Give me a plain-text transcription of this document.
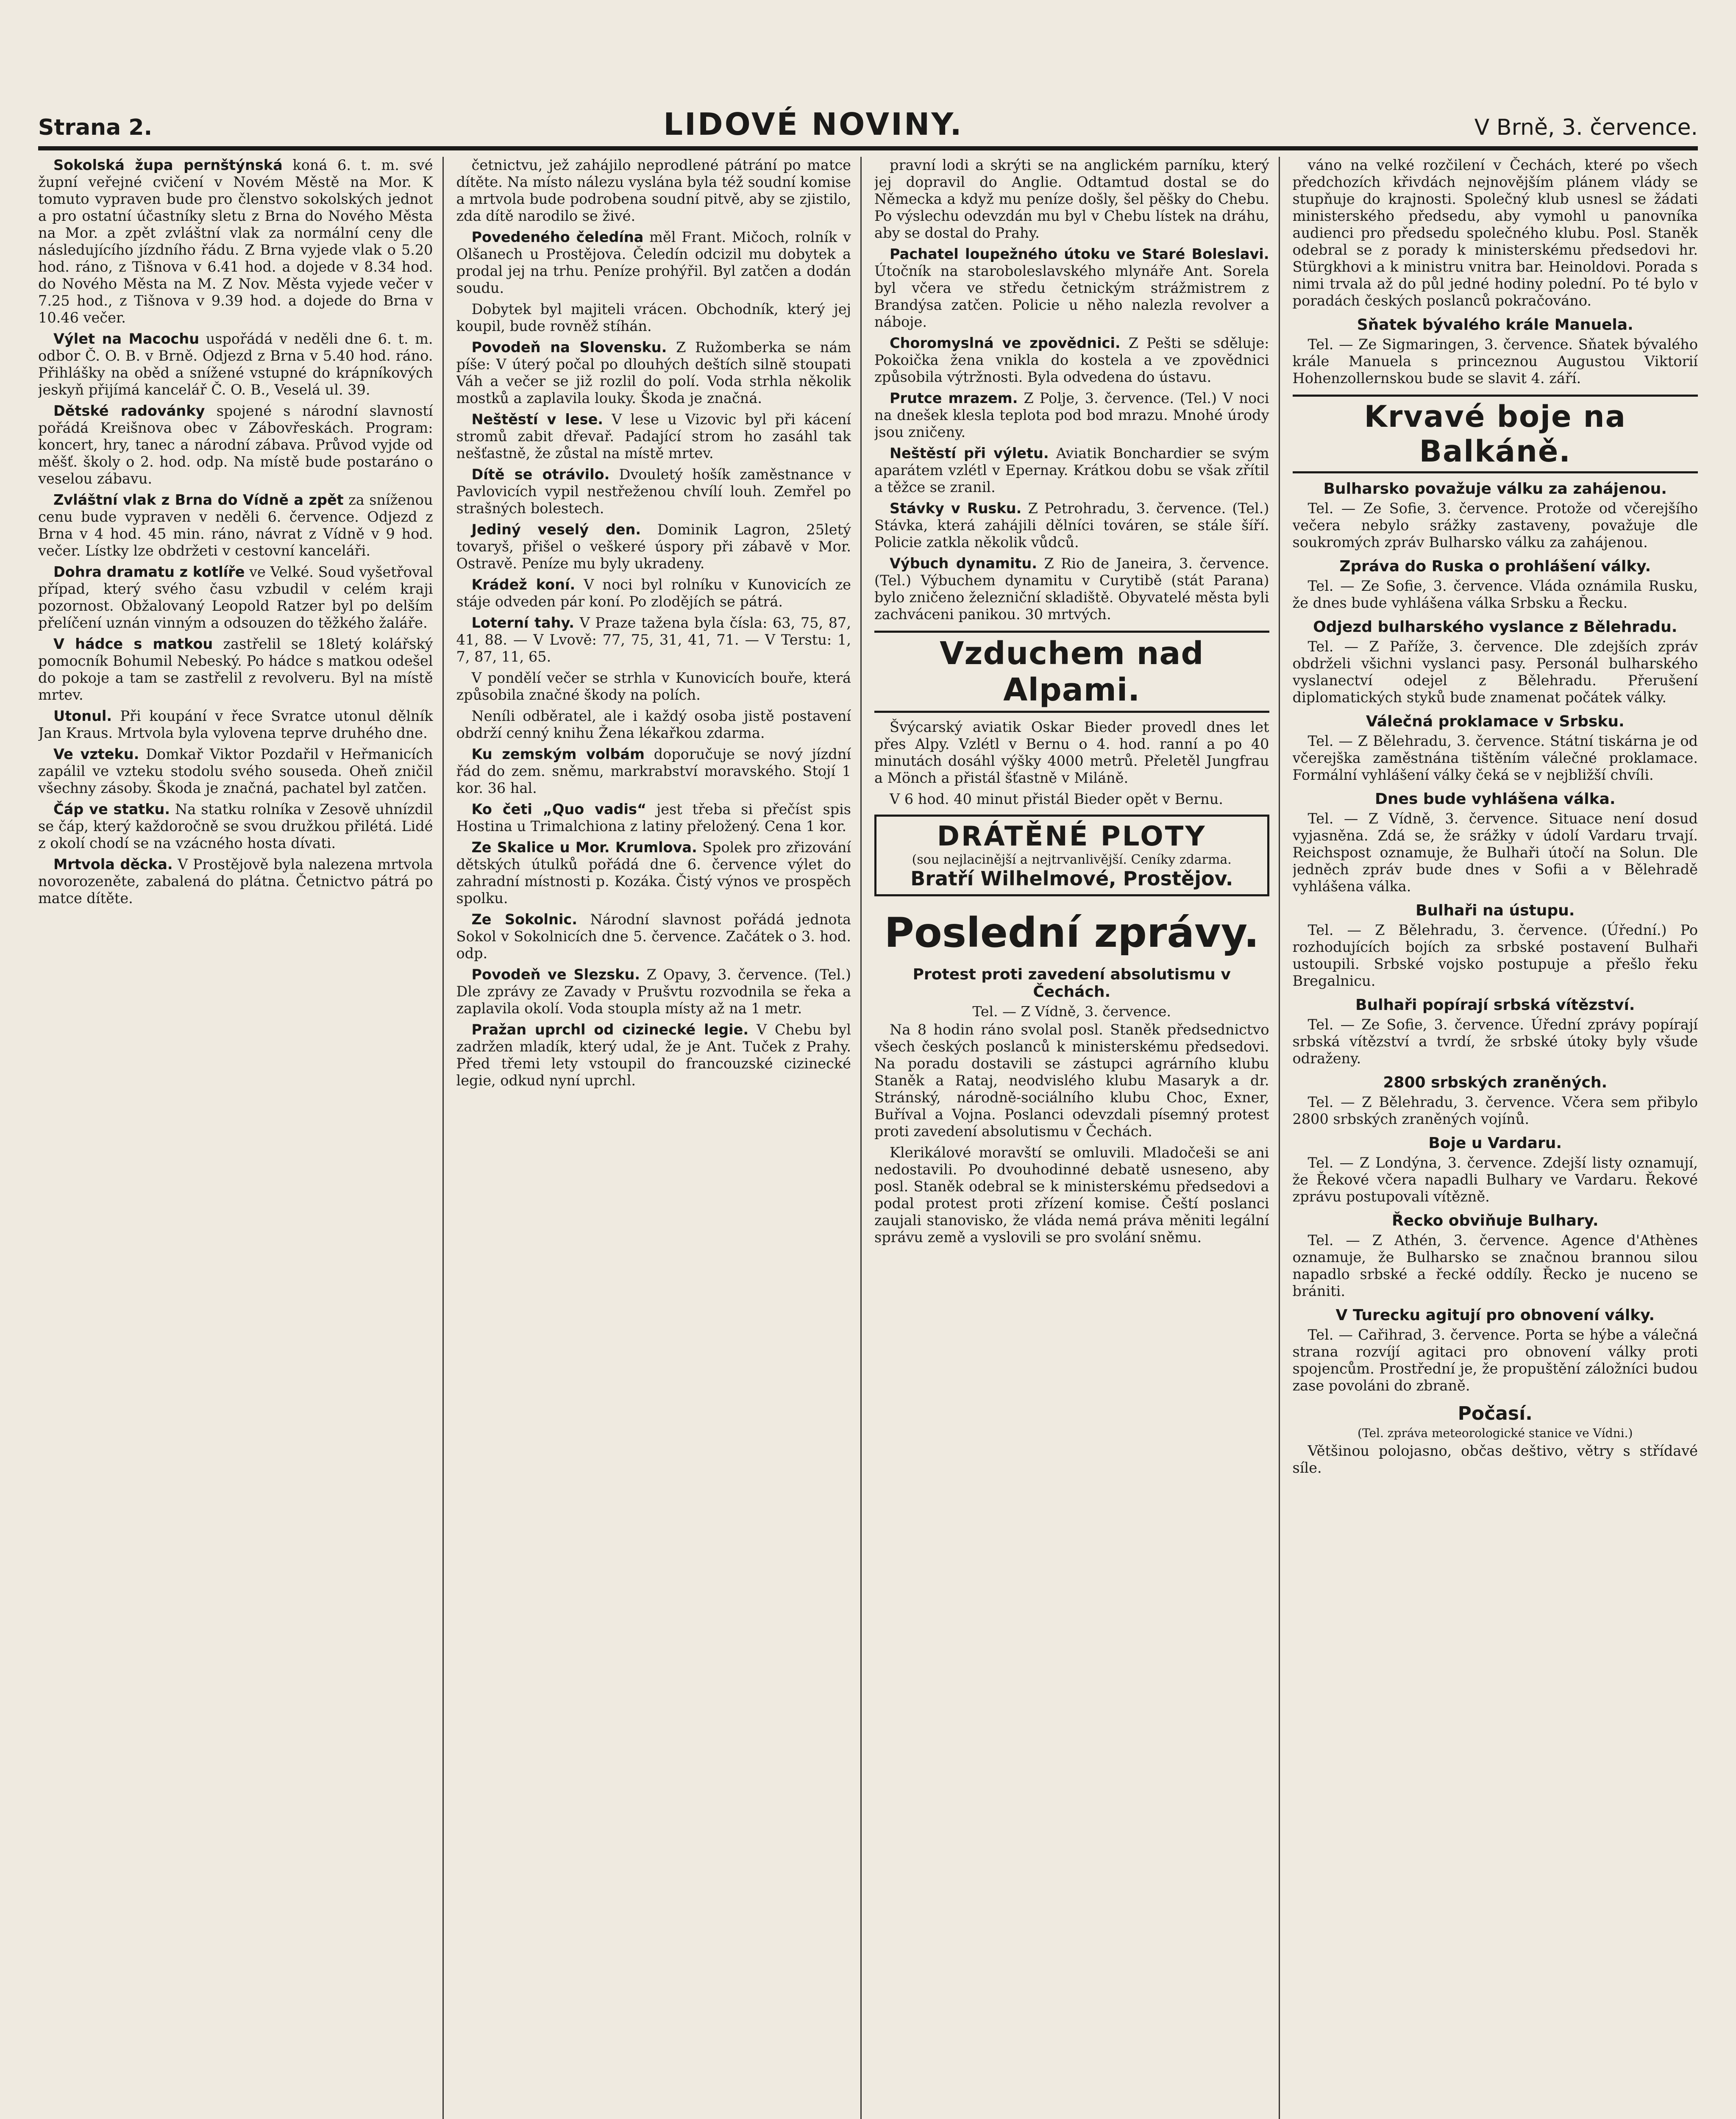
Strana 2.	LIDOVÉ NOVINY.	V Brně, 3. července.

Sokolská župa pernštýnská koná 6. t. m. své župní veřejné cvičení v Novém Městě na Mor. K tomuto vypraven bude pro členstvo sokolských jednot a pro ostatní účastníky sletu z Brna do Nového Města na Mor. a zpět zvláštní vlak za normální ceny dle následujícího jízdního řádu. Z Brna vyjede vlak o 5.20 hod. ráno, z Tišnova v 6.41 hod. a dojede v 8.34 hod. do Nového Města na M. Z Nov. Města vyjede večer v 7.25 hod., z Tišnova v 9.39 hod. a dojede do Brna v 10.46 večer.

Výlet na Macochu uspořádá v neděli dne 6. t. m. odbor Č. O. B. v Brně. Odjezd z Brna v 5.40 hod. ráno. Přihlášky na oběd a snížené vstupné do krápníkových jeskyň přijímá kancelář Č. O. B., Veselá ul. 39.

Dětské radovánky spojené s národní slavností pořádá Kreišnova obec v Zábovřeskách. Program: koncert, hry, tanec a národní zábava. Průvod vyjde od měšť. školy o 2. hod. odp. Na místě bude postaráno o veselou zábavu.

Zvláštní vlak z Brna do Vídně a zpět za sníženou cenu bude vypraven v neděli 6. července. Odjezd z Brna v 4 hod. 45 min. ráno, návrat z Vídně v 9 hod. večer. Lístky lze obdržeti v cestovní kanceláři.

Dohra dramatu z kotlíře ve Velké. Soud vyšetřoval případ, který svého času vzbudil v celém kraji pozornost. Obžalovaný Leopold Ratzer byl po delším přelíčení uznán vinným a odsouzen do těžkého žaláře.

V hádce s matkou zastřelil se 18letý kolářský pomocník Bohumil Nebeský. Po hádce s matkou odešel do pokoje a tam se zastřelil z revolveru. Byl na místě mrtev.

Utonul. Při koupání v řece Svratce utonul dělník Jan Kraus. Mrtvola byla vylovena teprve druhého dne.

Ve vzteku. Domkař Viktor Pozdařil v Heřmanicích zapálil ve vzteku stodolu svého souseda. Oheň zničil všechny zásoby. Škoda je značná, pachatel byl zatčen.

Čáp ve statku. Na statku rolníka v Zesově uhnízdil se čáp, který každoročně se svou družkou přilétá. Lidé z okolí chodí se na vzácného hosta dívati.

Mrtvola děcka. V Prostějově byla nalezena mrtvola novorozeněte, zabalená do plátna. Četnictvo pátrá po matce dítěte.

četnictvu, jež zahájilo neprodlené pátrání po matce dítěte. Na místo nálezu vyslána byla též soudní komise a mrtvola bude podrobena soudní pitvě, aby se zjistilo, zda dítě narodilo se živé.

Povedeného čeledína měl Frant. Mičoch, rolník v Olšanech u Prostějova. Čeledín odcizil mu dobytek a prodal jej na trhu. Peníze prohýřil. Byl zatčen a dodán soudu.

Dobytek byl majiteli vrácen. Obchodník, který jej koupil, bude rovněž stíhán.

Povodeň na Slovensku. Z Ružomberka se nám píše: V úterý počal po dlouhých deštích silně stoupati Váh a večer se již rozlil do polí. Voda strhla několik mostků a zaplavila louky. Škoda je značná.

Neštěstí v lese. V lese u Vizovic byl při kácení stromů zabit dřevař. Padající strom ho zasáhl tak nešťastně, že zůstal na místě mrtev.

Dítě se otrávilo. Dvouletý hošík zaměstnance v Pavlovicích vypil nestřeženou chvílí louh. Zemřel po strašných bolestech.

Jediný veselý den. Dominik Lagron, 25letý tovaryš, přišel o veškeré úspory při zábavě v Mor. Ostravě. Peníze mu byly ukradeny.

Krádež koní. V noci byl rolníku v Kunovicích ze stáje odveden pár koní. Po zlodějích se pátrá.

Loterní tahy. V Praze tažena byla čísla: 63, 75, 87, 41, 88. — V Lvově: 77, 75, 31, 41, 71. — V Terstu: 1, 7, 87, 11, 65.

V pondělí večer se strhla v Kunovicích bouře, která způsobila značné škody na polích.

Neníli odběratel, ale i každý osoba jistě postavení obdrží cenný knihu Žena lékařkou zdarma.

Ku zemským volbám doporučuje se nový jízdní řád do zem. sněmu, markrabství moravského. Stojí 1 kor. 36 hal.

Ko četi „Quo vadis“ jest třeba si přečíst spis Hostina u Trimalchiona z latiny přeložený. Cena 1 kor.

Ze Skalice u Mor. Krumlova. Spolek pro zřizování dětských útulků pořádá dne 6. července výlet do zahradní místnosti p. Kozáka. Čistý výnos ve prospěch spolku.

Ze Sokolnic. Národní slavnost pořádá jednota Sokol v Sokolnicích dne 5. července. Začátek o 3. hod. odp.

Povodeň ve Slezsku. Z Opavy, 3. července. (Tel.) Dle zprávy ze Zavady v Prušvtu rozvodnila se řeka a zaplavila okolí. Voda stoupla místy až na 1 metr.

Pražan uprchl od cizinecké legie. V Chebu byl zadržen mladík, který udal, že je Ant. Tuček z Prahy. Před třemi lety vstoupil do francouzské cizinecké legie, odkud nyní uprchl.

pravní lodi a skrýti se na anglickém parníku, který jej dopravil do Anglie. Odtamtud dostal se do Německa a když mu peníze došly, šel pěšky do Chebu. Po výslechu odevzdán mu byl v Chebu lístek na dráhu, aby se dostal do Prahy.

Pachatel loupežného útoku ve Staré Boleslavi. Útočník na staroboleslavského mlynáře Ant. Sorela byl včera ve středu četnickým strážmistrem z Brandýsa zatčen. Policie u něho nalezla revolver a náboje.

Choromyslná ve zpovědnici. Z Pešti se sděluje: Pokoička žena vnikla do kostela a ve zpovědnici způsobila výtržnosti. Byla odvedena do ústavu.

Prutce mrazem. Z Polje, 3. července. (Tel.) V noci na dnešek klesla teplota pod bod mrazu. Mnohé úrody jsou zničeny.

Neštěstí při výletu. Aviatik Bonchardier se svým aparátem vzlétl v Epernay. Krátkou dobu se však zřítil a těžce se zranil.

Stávky v Rusku. Z Petrohradu, 3. července. (Tel.) Stávka, která zahájili dělníci továren, se stále šíří. Policie zatkla několik vůdců.

Výbuch dynamitu. Z Rio de Janeira, 3. července. (Tel.) Výbuchem dynamitu v Curytibě (stát Parana) bylo zničeno železniční skladiště. Obyvatelé města byli zachváceni panikou. 30 mrtvých.

Vzduchem nad Alpami.

Švýcarský aviatik Oskar Bieder provedl dnes let přes Alpy. Vzlétl v Bernu o 4. hod. ranní a po 40 minutách dosáhl výšky 4000 metrů. Přeletěl Jungfrau a Mönch a přistál šťastně v Miláně.

V 6 hod. 40 minut přistál Bieder opět v Bernu.

DRÁTĚNÉ PLOTY
(sou nejlacinější a nejtrvanlivější. Ceníky zdarma.
Bratří Wilhelmové, Prostějov.
Poslední zprávy.
Protest proti zavedení absolutismu v Čechách.
Tel. — Z Vídně, 3. července.

Na 8 hodin ráno svolal posl. Staněk předsednictvo všech českých poslanců k ministerskému předsedovi. Na poradu dostavili se zástupci agrárního klubu Staněk a Rataj, neodvislého klubu Masaryk a dr. Stránský, národně-sociálního klubu Choc, Exner, Buříval a Vojna. Poslanci odevzdali písemný protest proti zavedení absolutismu v Čechách.

Klerikálové moravští se omluvili. Mladočeši se ani nedostavili. Po dvouhodinné debatě usneseno, aby posl. Staněk odebral se k ministerskému předsedovi a podal protest proti zřízení komise. Čeští poslanci zaujali stanovisko, že vláda nemá práva měniti legální správu země a vyslovili se pro svolání sněmu.

váno na velké rozčilení v Čechách, které po všech předchozích křivdách nejnovějším plánem vlády se stupňuje do krajnosti. Společný klub usnesl se žádati ministerského předsedu, aby vymohl u panovníka audienci pro předsedu společného klubu. Posl. Staněk odebral se z porady k ministerskému předsedovi hr. Stürgkhovi a k ministru vnitra bar. Heinoldovi. Porada s nimi trvala až do půl jedné hodiny polední. Po té bylo v poradách českých poslanců pokračováno.

Sňatek bývalého krále Manuela.

Tel. — Ze Sigmaringen, 3. července. Sňatek bývalého krále Manuela s princeznou Augustou Viktorií Hohenzollernskou bude se slavit 4. září.

Krvavé boje na Balkáně.
Bulharsko považuje válku za zahájenou.

Tel. — Ze Sofie, 3. července. Protože od včerejšího večera nebylo srážky zastaveny, považuje dle soukromých zpráv Bulharsko válku za zahájenou.

Zpráva do Ruska o prohlášení války.

Tel. — Ze Sofie, 3. července. Vláda oznámila Rusku, že dnes bude vyhlášena válka Srbsku a Řecku.

Odjezd bulharského vyslance z Bělehradu.

Tel. — Z Paříže, 3. července. Dle zdejších zpráv obdrželi všichni vyslanci pasy. Personál bulharského vyslanectví odejel z Bělehradu. Přerušení diplomatických styků bude znamenat počátek války.

Válečná proklamace v Srbsku.

Tel. — Z Bělehradu, 3. července. Státní tiskárna je od včerejška zaměstnána tištěním válečné proklamace. Formální vyhlášení války čeká se v nejbližší chvíli.

Dnes bude vyhlášena válka.

Tel. — Z Vídně, 3. července. Situace není dosud vyjasněna. Zdá se, že srážky v údolí Vardaru trvají. Reichspost oznamuje, že Bulhaři útočí na Solun. Dle jedněch zpráv bude dnes v Sofii a v Bělehradě vyhlášena válka.

Bulhaři na ústupu.

Tel. — Z Bělehradu, 3. července. (Úřední.) Po rozhodujících bojích za srbské postavení Bulhaři ustoupili. Srbské vojsko postupuje a přešlo řeku Bregalnicu.

Bulhaři popírají srbská vítězství.

Tel. — Ze Sofie, 3. července. Úřední zprávy popírají srbská vítězství a tvrdí, že srbské útoky byly všude odraženy.

2800 srbských zraněných.

Tel. — Z Bělehradu, 3. července. Včera sem přibylo 2800 srbských zraněných vojínů.

Boje u Vardaru.

Tel. — Z Londýna, 3. července. Zdejší listy oznamují, že Řekové včera napadli Bulhary ve Vardaru. Řekové zprávu postupovali vítězně.

Řecko obviňuje Bulhary.

Tel. — Z Athén, 3. července. Agence d'Athènes oznamuje, že Bulharsko se značnou brannou silou napadlo srbské a řecké oddíly. Řecko je nuceno se brániti.

V Turecku agitují pro obnovení války.

Tel. — Cařihrad, 3. července. Porta se hýbe a válečná strana rozvíjí agitaci pro obnovení války proti spojencům. Prostřední je, že propuštění záložníci budou zase povoláni do zbraně.

Počasí.
(Tel. zpráva meteorologické stanice ve Vídni.)

Většinou polojasno, občas deštivo, větry s střídavé síle.
